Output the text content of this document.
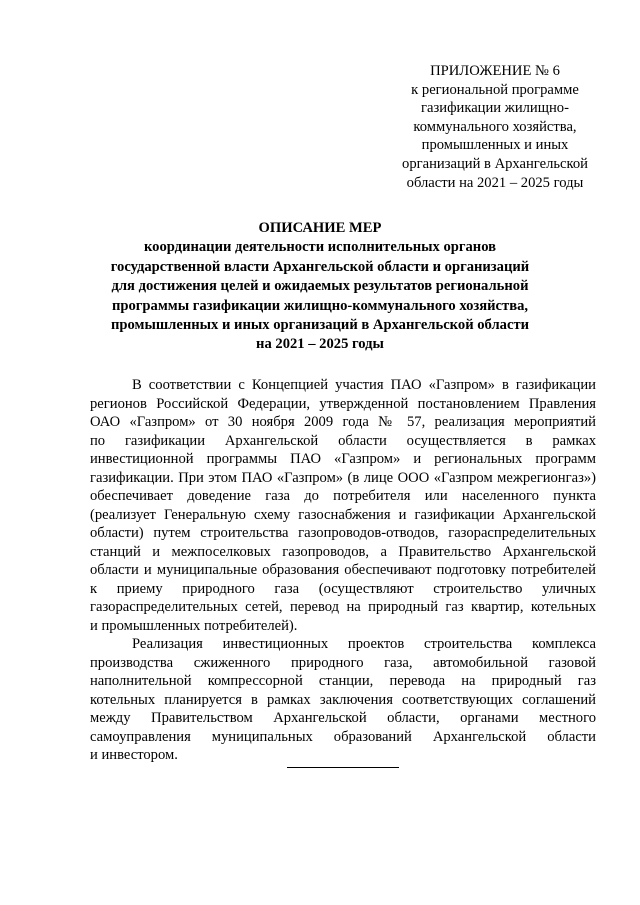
ПРИЛОЖЕНИЕ № 6
к региональной программе
газификации жилищно-
коммунального хозяйства,
промышленных и иных
организаций в Архангельской
области на 2021 – 2025 годы
ОПИСАНИЕ МЕР
координации деятельности исполнительных органов
государственной власти Архангельской области и организаций
для достижения целей и ожидаемых результатов региональной
программы газификации жилищно-коммунального хозяйства,
промышленных и иных организаций в Архангельской области
на 2021 – 2025 годы
В соответствии с Концепцией участия ПАО «Газпром» в газификации
регионов Российской Федерации, утвержденной постановлением Правления
ОАО «Газпром» от 30 ноября 2009 года № 57, реализация мероприятий
по газификации Архангельской области осуществляется в рамках
инвестиционной программы ПАО «Газпром» и региональных программ
газификации. При этом ПАО «Газпром» (в лице ООО «Газпром межрегионгаз»)
обеспечивает доведение газа до потребителя или населенного пункта
(реализует Генеральную схему газоснабжения и газификации Архангельской
области) путем строительства газопроводов-отводов, газораспределительных
станций и межпоселковых газопроводов, а Правительство Архангельской
области и муниципальные образования обеспечивают подготовку потребителей
к приему природного газа (осуществляют строительство уличных
газораспределительных сетей, перевод на природный газ квартир, котельных
и промышленных потребителей).
Реализация инвестиционных проектов строительства комплекса
производства сжиженного природного газа, автомобильной газовой
наполнительной компрессорной станции, перевода на природный газ
котельных планируется в рамках заключения соответствующих соглашений
между Правительством Архангельской области, органами местного
самоуправления муниципальных образований Архангельской области
и инвестором.
